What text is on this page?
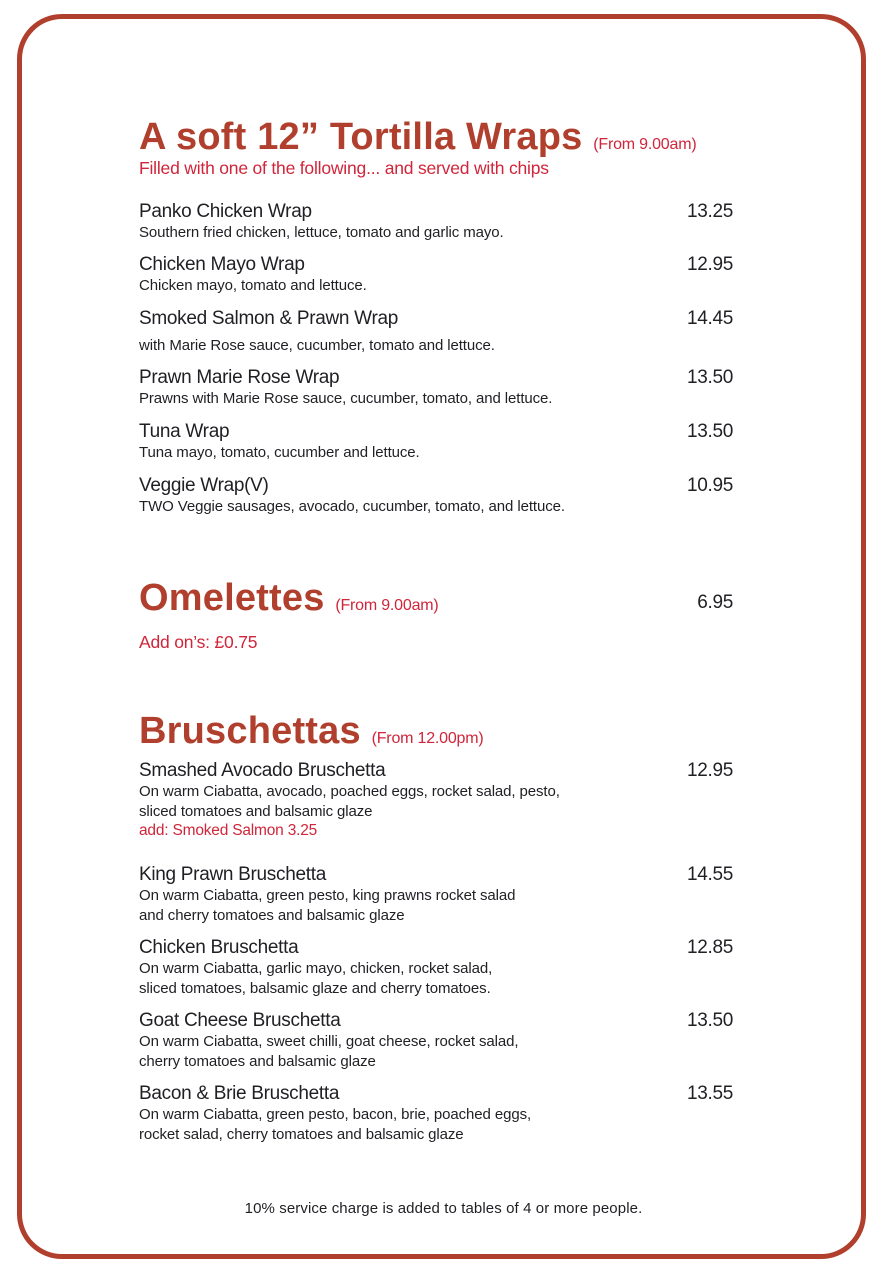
A soft 12” Tortilla Wraps (From 9.00am)
Filled with one of the following... and served with chips
Panko Chicken Wrap	13.25
Southern fried chicken, lettuce, tomato and garlic mayo.
Chicken Mayo Wrap	12.95
Chicken mayo, tomato and lettuce.
Smoked Salmon & Prawn Wrap	14.45
with Marie Rose sauce, cucumber, tomato and lettuce.
Prawn Marie Rose Wrap	13.50
Prawns with Marie Rose sauce, cucumber, tomato, and lettuce.
Tuna Wrap	13.50
Tuna mayo, tomato, cucumber and lettuce.
Veggie Wrap(V)	10.95
TWO Veggie sausages, avocado, cucumber, tomato, and lettuce.
Omelettes (From 9.00am)	6.95
Add on’s: £0.75
Bruschettas (From 12.00pm)
Smashed Avocado Bruschetta	12.95
On warm Ciabatta, avocado, poached eggs, rocket salad, pesto,
sliced tomatoes and balsamic glaze
add: Smoked Salmon 3.25
King Prawn Bruschetta	14.55
On warm Ciabatta, green pesto, king prawns rocket salad
and cherry tomatoes and balsamic glaze
Chicken Bruschetta	12.85
On warm Ciabatta, garlic mayo, chicken, rocket salad,
sliced tomatoes, balsamic glaze and cherry tomatoes.
Goat Cheese Bruschetta	13.50
On warm Ciabatta, sweet chilli, goat cheese, rocket salad,
cherry tomatoes and balsamic glaze
Bacon & Brie Bruschetta	13.55
On warm Ciabatta, green pesto, bacon, brie, poached eggs,
rocket salad, cherry tomatoes and balsamic glaze
10% service charge is added to tables of 4 or more people.
